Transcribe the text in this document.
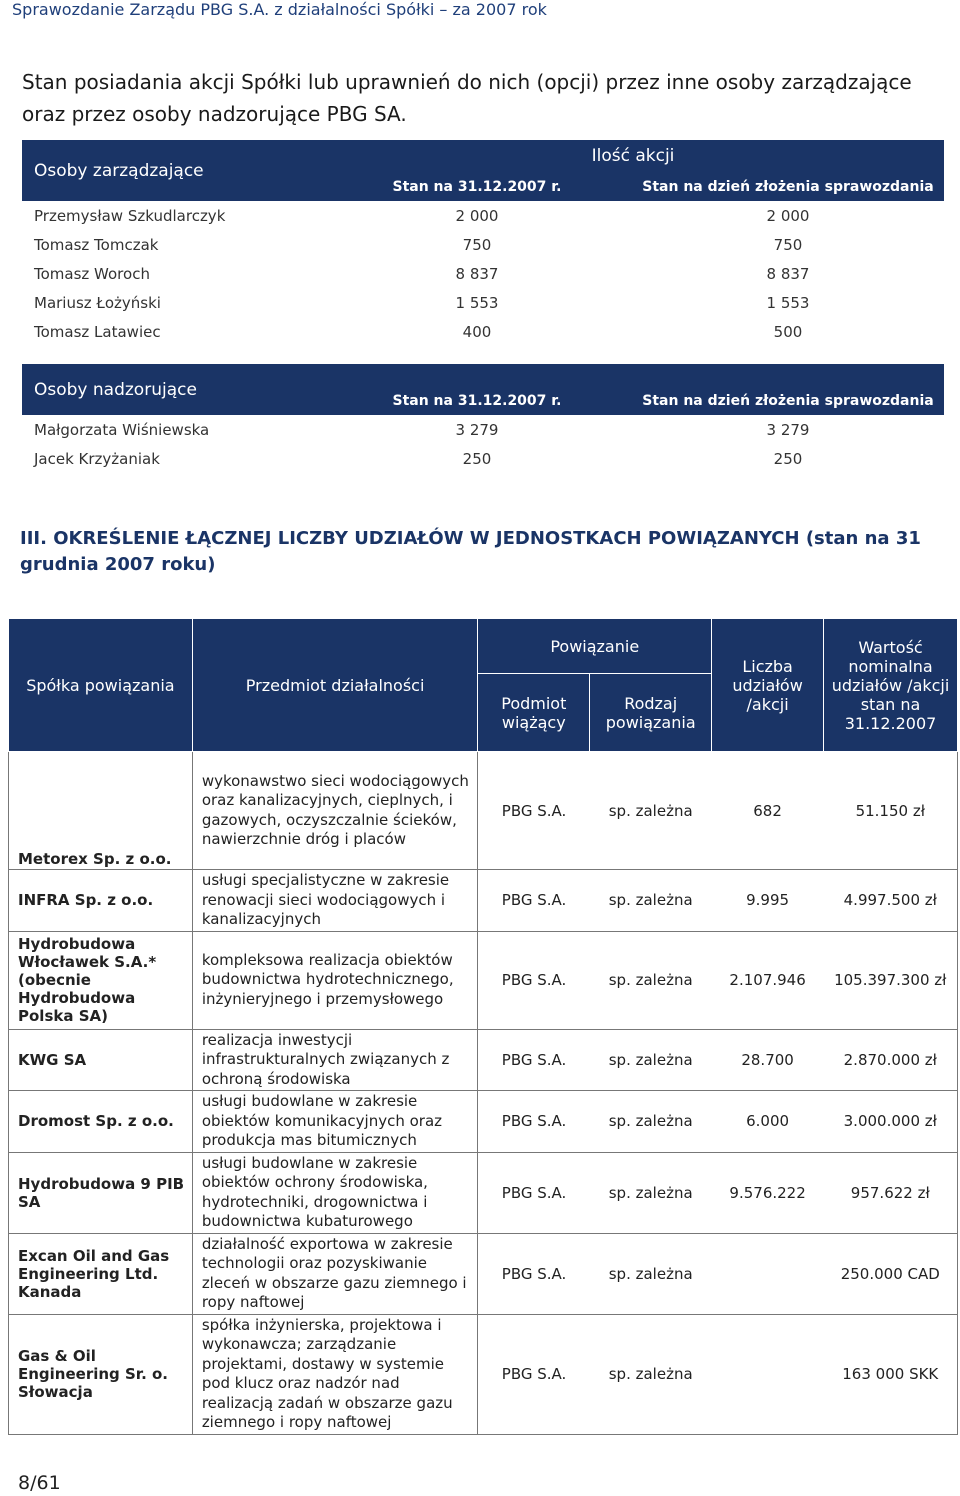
Sprawozdanie Zarządu PBG S.A. z działalności Spółki – za 2007 rok
Stan posiadania akcji Spółki lub uprawnień do nich (opcji) przez inne osoby zarządzające oraz przez osoby nadzorujące PBG SA.
Osoby zarządzające	Ilość akcji	
	Stan na 31.12.2007 r.	Stan na dzień złożenia sprawozdania
Przemysław Szkudlarczyk	2 000	2 000
Tomasz Tomczak	750	750
Tomasz Woroch	8 837	8 837
Mariusz Łożyński	1 553	1 553
Tomasz Latawiec	400	500

Osoby nadzorujące		
	Stan na 31.12.2007 r.	Stan na dzień złożenia sprawozdania
Małgorzata Wiśniewska	3 279	3 279
Jacek Krzyżaniak	250	250
III. OKREŚLENIE ŁĄCZNEJ LICZBY UDZIAŁÓW W JEDNOSTKACH POWIĄZANYCH (stan na 31 grudnia 2007 roku)
Spółka powiązania	Przedmiot działalności	Powiązanie		Liczba udziałów /akcji	Wartość nominalna udziałów /akcji stan na 31.12.2007
		Podmiot wiążący	Rodzaj powiązania		
Metorex Sp. z o.o.	wykonawstwo sieci wodociągowych oraz kanalizacyjnych, cieplnych, i gazowych, oczyszczalnie ścieków, nawierzchnie dróg i placów	PBG S.A.	sp. zależna	682	51.150 zł
INFRA Sp. z o.o.	usługi specjalistyczne w zakresie renowacji sieci wodociągowych i kanalizacyjnych	PBG S.A.	sp. zależna	9.995	4.997.500 zł
Hydrobudowa Włocławek S.A.* (obecnie Hydrobudowa Polska SA)	kompleksowa realizacja obiektów budownictwa hydrotechnicznego, inżynieryjnego i przemysłowego	PBG S.A.	sp. zależna	2.107.946	105.397.300 zł
KWG SA	realizacja inwestycji infrastrukturalnych związanych z ochroną środowiska	PBG S.A.	sp. zależna	28.700	2.870.000 zł
Dromost Sp. z o.o.	usługi budowlane w zakresie obiektów komunikacyjnych oraz produkcja mas bitumicznych	PBG S.A.	sp. zależna	6.000	3.000.000 zł
Hydrobudowa 9 PIB SA	usługi budowlane w zakresie obiektów ochrony środowiska, hydrotechniki, drogownictwa i budownictwa kubaturowego	PBG S.A.	sp. zależna	9.576.222	957.622 zł
Excan Oil and Gas Engineering Ltd. Kanada	działalność exportowa w zakresie technologii oraz pozyskiwanie zleceń w obszarze gazu ziemnego i ropy naftowej	PBG S.A.	sp. zależna		250.000 CAD
Gas & Oil Engineering Sr. o. Słowacja	spółka inżynierska, projektowa i wykonawcza; zarządzanie projektami, dostawy w systemie pod klucz oraz nadzór nad realizacją zadań w obszarze gazu ziemnego i ropy naftowej	PBG S.A.	sp. zależna		163 000 SKK
8/61
